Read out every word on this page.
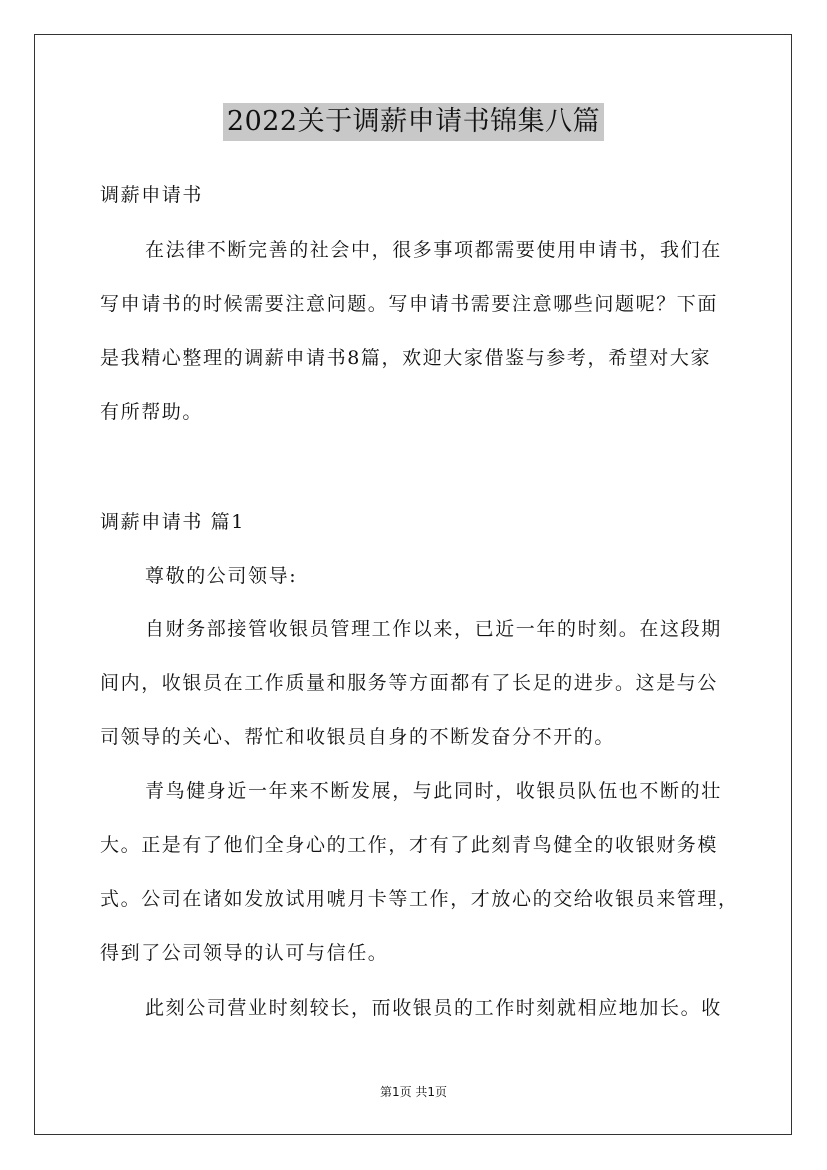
2022关于调薪申请书锦集八篇
调薪申请书
在法律不断完善的社会中，很多事项都需要使用申请书，我们在
写申请书的时候需要注意问题。写申请书需要注意哪些问题呢？下面
是我精心整理的调薪申请书8篇，欢迎大家借鉴与参考，希望对大家
有所帮助。
调薪申请书 篇1
尊敬的公司领导:
自财务部接管收银员管理工作以来，已近一年的时刻。在这段期
间内，收银员在工作质量和服务等方面都有了长足的进步。这是与公
司领导的关心、帮忙和收银员自身的不断发奋分不开的。
青鸟健身近一年来不断发展，与此同时，收银员队伍也不断的壮
大。正是有了他们全身心的工作，才有了此刻青鸟健全的收银财务模
式。公司在诸如发放试用唬月卡等工作，才放心的交给收银员来管理，
得到了公司领导的认可与信任。
此刻公司营业时刻较长，而收银员的工作时刻就相应地加长。收
第1页 共1页
